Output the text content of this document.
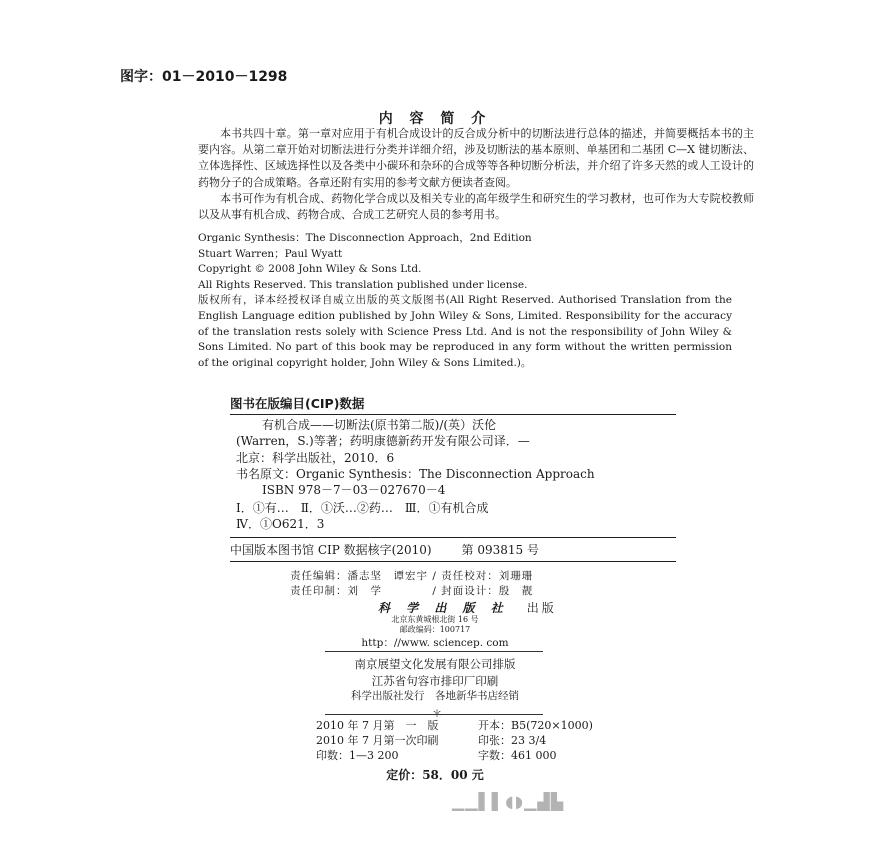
图字：01－2010－1298
内 容 简 介

本书共四十章。第一章对应用于有机合成设计的反合成分析中的切断法进行总体的描述，并简要概括本书的主要内容。从第二章开始对切断法进行分类并详细介绍，涉及切断法的基本原则、单基团和二基团 C—X 键切断法、立体选择性、区域选择性以及各类中小碳环和杂环的合成等等各种切断分析法，并介绍了许多天然的或人工设计的药物分子的合成策略。各章还附有实用的参考文献方便读者查阅。

本书可作为有机合成、药物化学合成以及相关专业的高年级学生和研究生的学习教材，也可作为大专院校教师以及从事有机合成、药物合成、合成工艺研究人员的参考用书。

Organic Synthesis：The Disconnection Approach，2nd Edition
Stuart Warren；Paul Wyatt
Copyright © 2008 John Wiley & Sons Ltd.
All Rights Reserved. This translation published under license.

版权所有，译本经授权译自威立出版的英文版图书(All Right Reserved. Authorised Translation from the English Language edition published by John Wiley & Sons, Limited. Responsibility for the accuracy of the translation rests solely with Science Press Ltd. And is not the responsibility of John Wiley & Sons Limited. No part of this book may be reproduced in any form without the written permission of the original copyright holder, John Wiley & Sons Limited.)。

图书在版编目(CIP)数据
有机合成——切断法(原书第二版)/(英）沃伦
(Warren，S.)等著；药明康德新药开发有限公司译．—
北京：科学出版社，2010．6
书名原文：Organic Synthesis：The Disconnection Approach
ISBN 978－7－03－027670－4
Ⅰ．①有…　Ⅱ．①沃…②药…　Ⅲ．①有机合成
Ⅳ．①O621．3
中国版本图书馆 CIP 数据核字(2010)	第 093815 号
责任编辑：潘志坚　谭宏宇 / 责任校对：刘珊珊
责任印制：刘　学　　　　 / 封面设计：殷　靓
科 学 出 版 社 出版
北京东黄城根北街 16 号
邮政编码：100717
http：//www. sciencep. com
南京展望文化发展有限公司排版
江苏省句容市排印厂印刷
科学出版社发行　各地新华书店经销
＊
2010 年 7 月第　一　版	开本：B5(720×1000)
2010 年 7 月第一次印刷	印张：23 3/4
印数：1—3 200	字数：461 000
定价：58．00 元
▁▁▌▌◖◗▁▟▙
